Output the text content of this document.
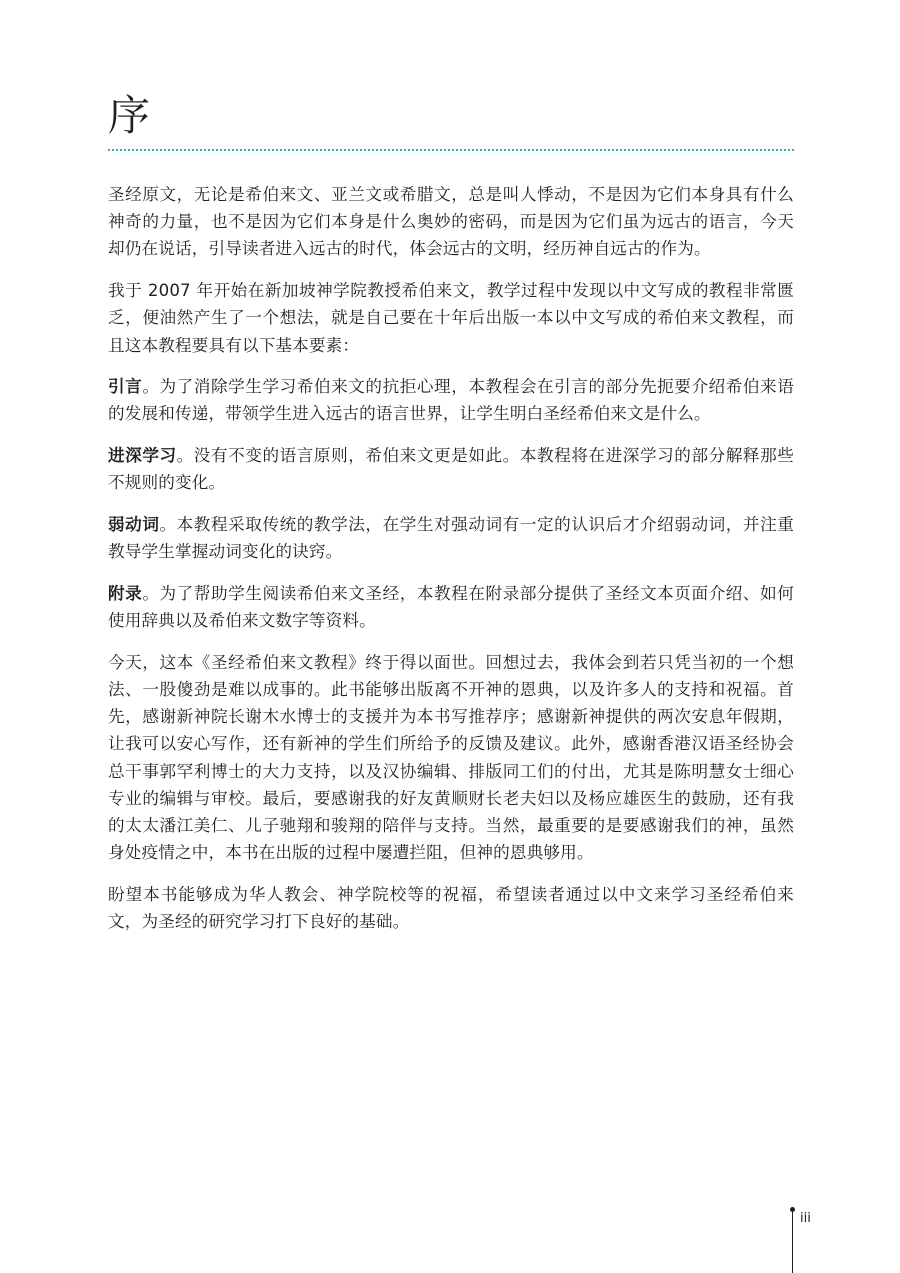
序

圣经原文，无论是希伯来文、亚兰文或希腊文，总是叫人悸动，不是因为它们本身具有什么神奇的力量，也不是因为它们本身是什么奥妙的密码，而是因为它们虽为远古的语言，今天却仍在说话，引导读者进入远古的时代，体会远古的文明，经历神自远古的作为。

我于 2007 年开始在新加坡神学院教授希伯来文，教学过程中发现以中文写成的教程非常匮乏，便油然产生了一个想法，就是自己要在十年后出版一本以中文写成的希伯来文教程，而且这本教程要具有以下基本要素：

引言。为了消除学生学习希伯来文的抗拒心理，本教程会在引言的部分先扼要介绍希伯来语的发展和传递，带领学生进入远古的语言世界，让学生明白圣经希伯来文是什么。

进深学习。没有不变的语言原则，希伯来文更是如此。本教程将在进深学习的部分解释那些不规则的变化。

弱动词。本教程采取传统的教学法，在学生对强动词有一定的认识后才介绍弱动词，并注重教导学生掌握动词变化的诀窍。

附录。为了帮助学生阅读希伯来文圣经，本教程在附录部分提供了圣经文本页面介绍、如何使用辞典以及希伯来文数字等资料。

今天，这本《圣经希伯来文教程》终于得以面世。回想过去，我体会到若只凭当初的一个想法、一股傻劲是难以成事的。此书能够出版离不开神的恩典，以及许多人的支持和祝福。首先，感谢新神院长谢木水博士的支援并为本书写推荐序；感谢新神提供的两次安息年假期，让我可以安心写作，还有新神的学生们所给予的反馈及建议。此外，感谢香港汉语圣经协会总干事郭罕利博士的大力支持，以及汉协编辑、排版同工们的付出，尤其是陈明慧女士细心专业的编辑与审校。最后，要感谢我的好友黄顺财长老夫妇以及杨应雄医生的鼓励，还有我的太太潘江美仁、儿子驰翔和骏翔的陪伴与支持。当然，最重要的是要感谢我们的神，虽然身处疫情之中，本书在出版的过程中屡遭拦阻，但神的恩典够用。

盼望本书能够成为华人教会、神学院校等的祝福，希望读者通过以中文来学习圣经希伯来文，为圣经的研究学习打下良好的基础。

iii
